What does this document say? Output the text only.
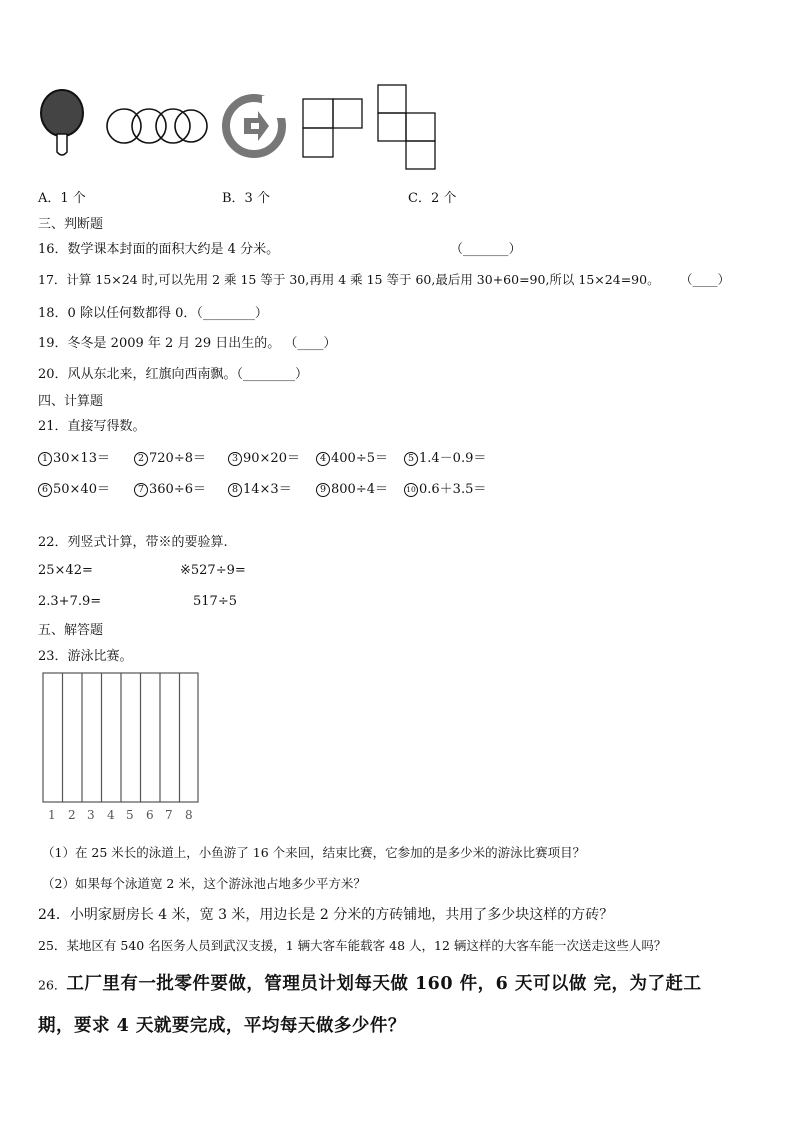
A．1 个	B．3 个	C．2 个
三、判断题
16．数学课本封面的面积大约是 4 分米。	（_______）
17．计算 15×24 时,可以先用 2 乘 15 等于 30,再用 4 乘 15 等于 60,最后用 30+60=90,所以 15×24=90。 （____）
18．0 除以任何数都得 0．（________）
19．冬冬是 2009 年 2 月 29 日出生的。 （____）
20．风从东北来，红旗向西南飘。（________）
四、计算题
21．直接写得数。
1 30×13＝	2 720÷8＝	3 90×20＝	4 400÷5＝	5 1.4－0.9＝
6 50×40＝	7 360÷6＝	8 14×3＝	9 800÷4＝ 10 0.6＋3.5＝
22．列竖式计算，带※的要验算.
25×42=	※527÷9=
2.3+7.9=	517÷5
五、解答题
23．游泳比赛。
1 2 3 4 5 6 7 8
（1）在 25 米长的泳道上，小鱼游了 16 个来回，结束比赛，它参加的是多少米的游泳比赛项目？
（2）如果每个泳道宽 2 米，这个游泳池占地多少平方米？
24．小明家厨房长 4 米，宽 3 米，用边长是 2 分米的方砖铺地，共用了多少块这样的方砖？
25．某地区有 540 名医务人员到武汉支援，1 辆大客车能载客 48 人，12 辆这样的大客车能一次送走这些人吗？
26．工厂里有一批零件要做，管理员计划每天做 160 件，6 天可以做 完，为了赶工
期，要求 4 天就要完成，平均每天做多少件？
